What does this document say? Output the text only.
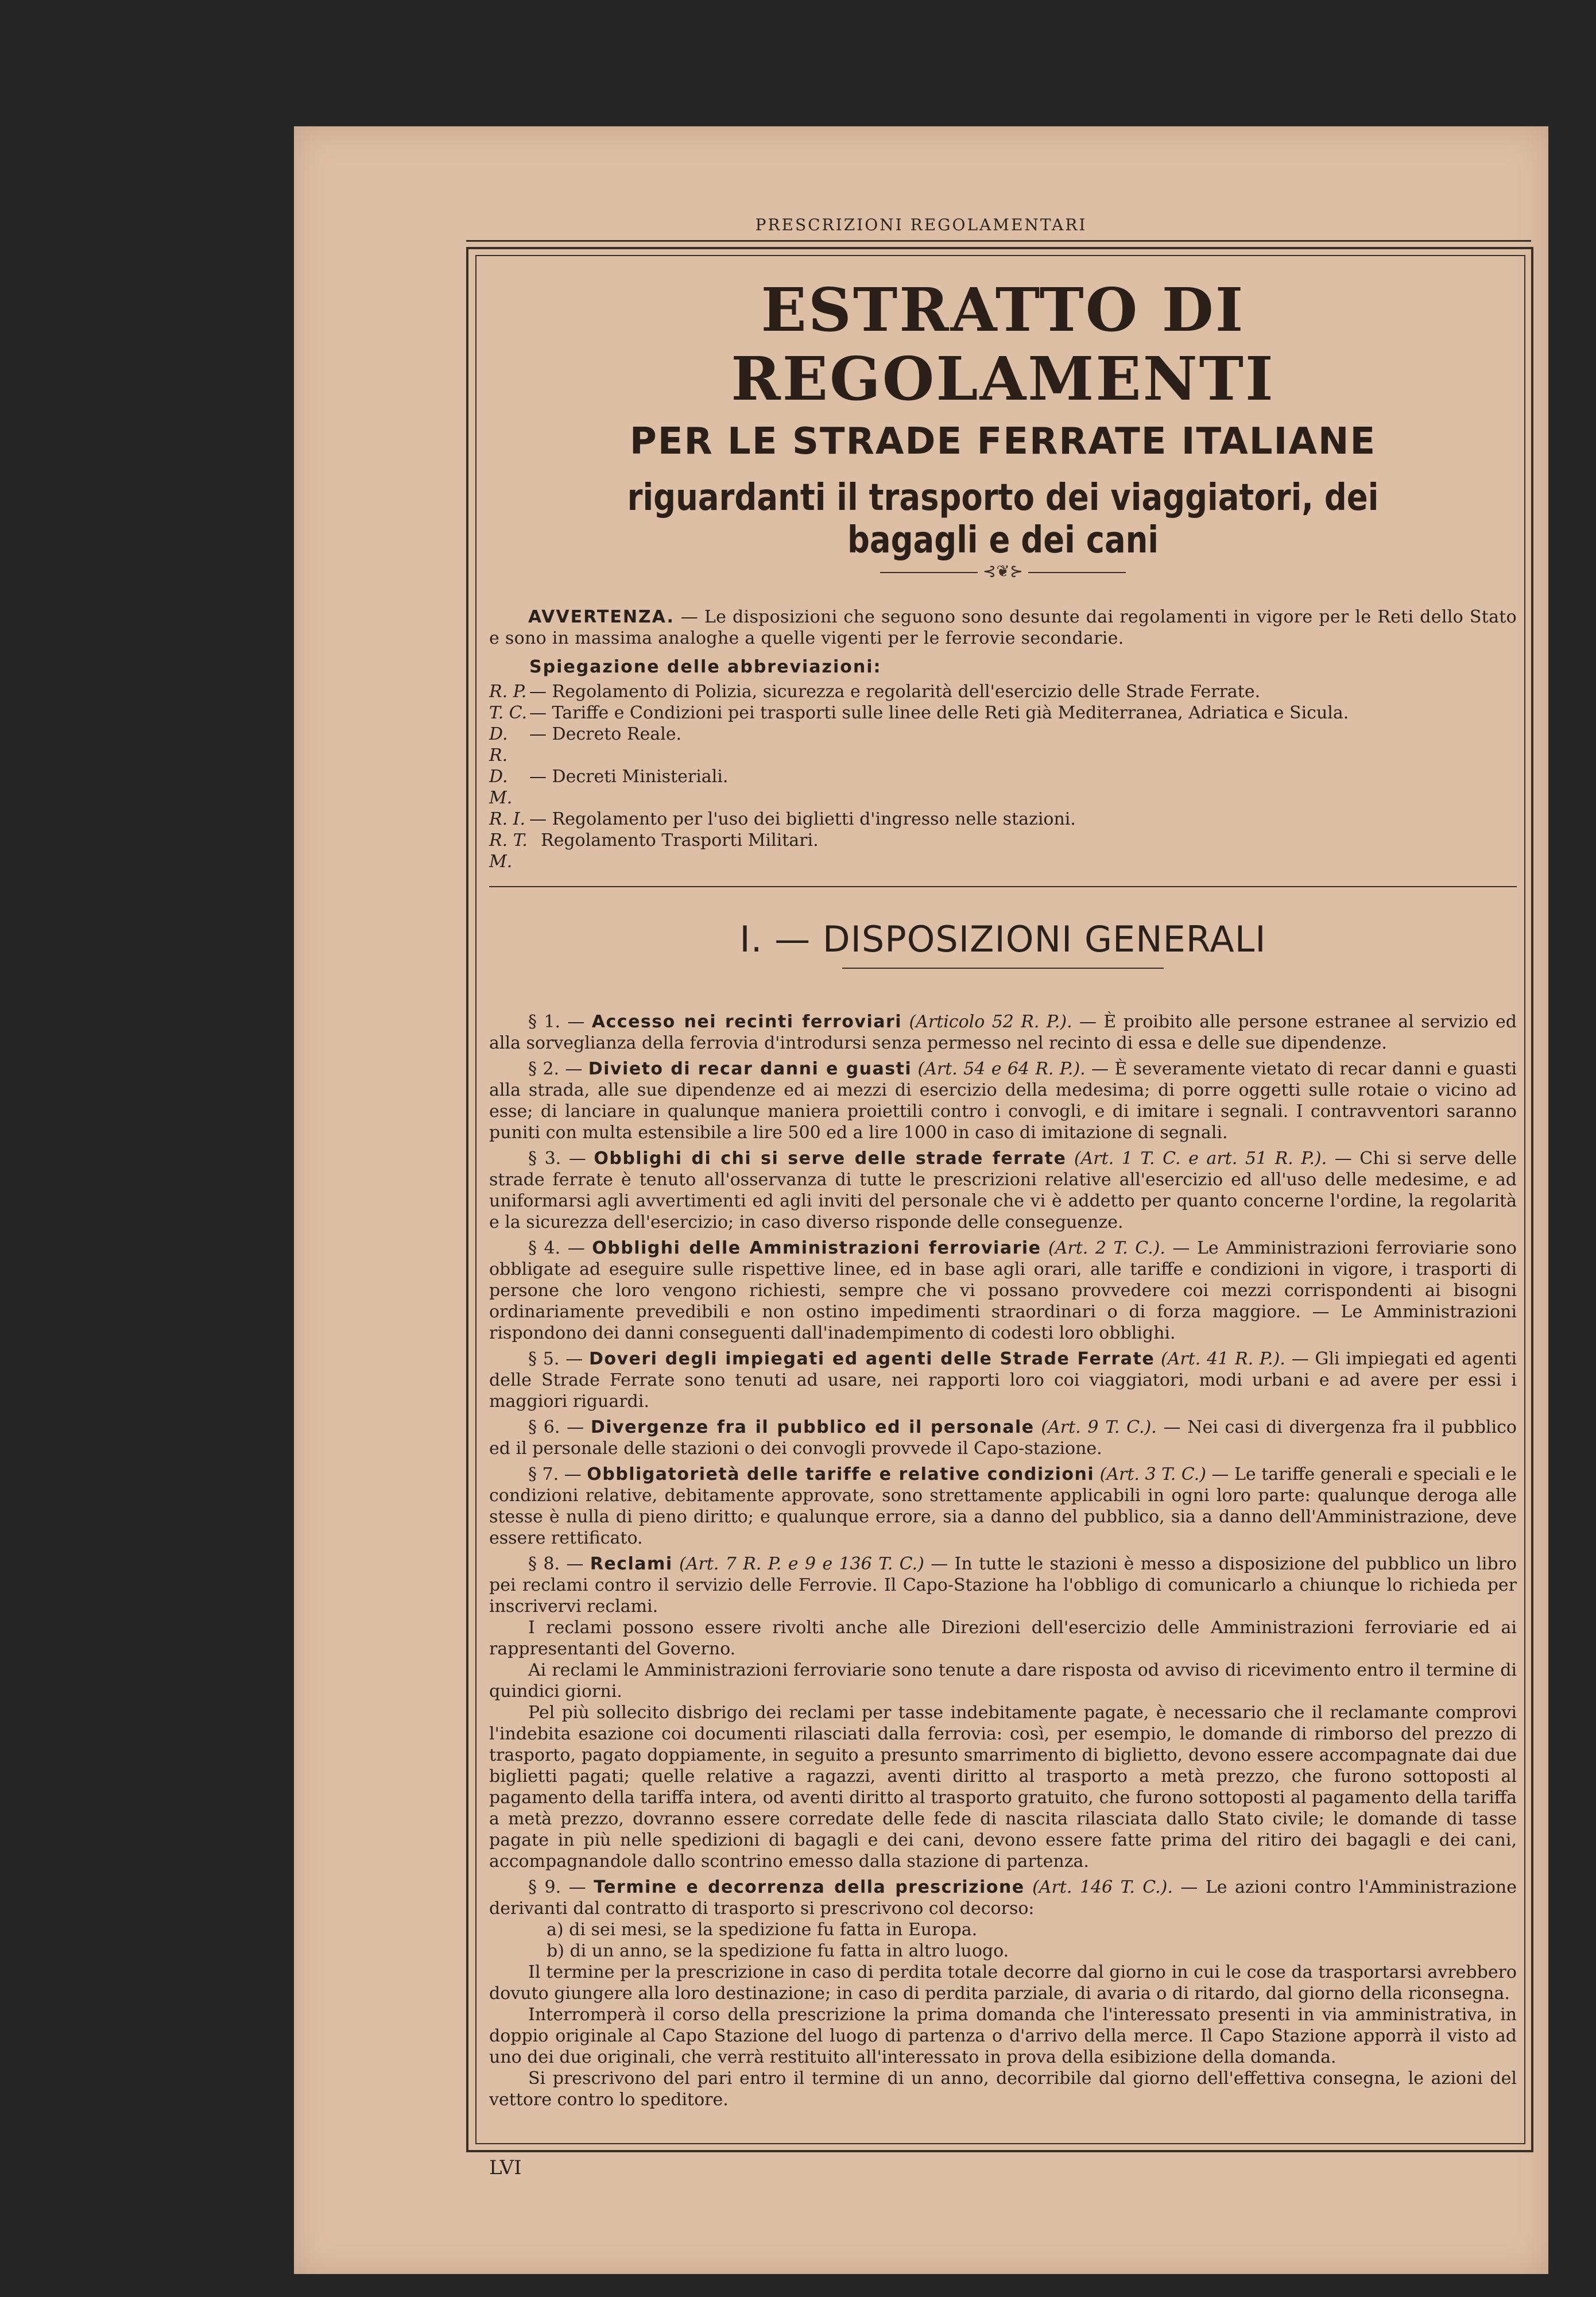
PRESCRIZIONI REGOLAMENTARI
ESTRATTO DI REGOLAMENTI
PER LE STRADE FERRATE ITALIANE
riguardanti il trasporto dei viaggiatori, dei bagagli e dei cani
⊰❦⊱

AVVERTENZA. — Le disposizioni che seguono sono desunte dai regolamenti in vigore per le Reti dello Stato e sono in massima analoghe a quelle vigenti per le ferrovie secondarie.

Spiegazione delle abbreviazioni:
R. P. — Regolamento di Polizia, sicurezza e regolarità dell'esercizio delle Strade Ferrate.
T. C. — Tariffe e Condizioni pei trasporti sulle linee delle Reti già Mediterranea, Adriatica e Sicula.
D. R.
— Decreto Reale.
D. M.
— Decreti Ministeriali.
R. I. — Regolamento per l'uso dei biglietti d'ingresso nelle stazioni.
R. T. M.
Regolamento Trasporti Militari.
I. — DISPOSIZIONI GENERALI

§ 1. — Accesso nei recinti ferroviari (Articolo 52 R. P.). — È proibito alle persone estranee al servizio ed alla sorveglianza della ferrovia d'introdursi senza permesso nel recinto di essa e delle sue dipendenze.

§ 2. — Divieto di recar danni e guasti (Art. 54 e 64 R. P.). — È severamente vietato di recar danni e guasti alla strada, alle sue dipendenze ed ai mezzi di esercizio della medesima; di porre oggetti sulle rotaie o vicino ad esse; di lanciare in qualunque maniera proiettili contro i convogli, e di imitare i segnali. I contravventori saranno puniti con multa estensibile a lire 500 ed a lire 1000 in caso di imitazione di segnali.

§ 3. — Obblighi di chi si serve delle strade ferrate (Art. 1 T. C. e art. 51 R. P.). — Chi si serve delle strade ferrate è tenuto all'osservanza di tutte le prescrizioni relative all'esercizio ed all'uso delle medesime, e ad uniformarsi agli avvertimenti ed agli inviti del personale che vi è addetto per quanto concerne l'ordine, la regolarità e la sicurezza dell'esercizio; in caso diverso risponde delle conseguenze.

§ 4. — Obblighi delle Amministrazioni ferroviarie (Art. 2 T. C.). — Le Amministrazioni ferroviarie sono obbligate ad eseguire sulle rispettive linee, ed in base agli orari, alle tariffe e condizioni in vigore, i trasporti di persone che loro vengono richiesti, sempre che vi possano provvedere coi mezzi corrispondenti ai bisogni ordinariamente prevedibili e non ostino impedimenti straordinari o di forza maggiore. — Le Amministrazioni rispondono dei danni conseguenti dall'inadempimento di codesti loro obblighi.

§ 5. — Doveri degli impiegati ed agenti delle Strade Ferrate (Art. 41 R. P.). — Gli impiegati ed agenti delle Strade Ferrate sono tenuti ad usare, nei rapporti loro coi viaggiatori, modi urbani e ad avere per essi i maggiori riguardi.

§ 6. — Divergenze fra il pubblico ed il personale (Art. 9 T. C.). — Nei casi di divergenza fra il pubblico ed il personale delle stazioni o dei convogli provvede il Capo-stazione.

§ 7. — Obbligatorietà delle tariffe e relative condizioni (Art. 3 T. C.) — Le tariffe generali e speciali e le condizioni relative, debitamente approvate, sono strettamente applicabili in ogni loro parte: qualunque deroga alle stesse è nulla di pieno diritto; e qualunque errore, sia a danno del pubblico, sia a danno dell'Amministrazione, deve essere rettificato.

§ 8. — Reclami (Art. 7 R. P. e 9 e 136 T. C.) — In tutte le stazioni è messo a disposizione del pubblico un libro pei reclami contro il servizio delle Ferrovie. Il Capo-Stazione ha l'obbligo di comunicarlo a chiunque lo richieda per inscrivervi reclami.

I reclami possono essere rivolti anche alle Direzioni dell'esercizio delle Amministrazioni ferroviarie ed ai rappresentanti del Governo.

Ai reclami le Amministrazioni ferroviarie sono tenute a dare risposta od avviso di ricevimento entro il termine di quindici giorni.

Pel più sollecito disbrigo dei reclami per tasse indebitamente pagate, è necessario che il reclamante comprovi l'indebita esazione coi documenti rilasciati dalla ferrovia: così, per esempio, le domande di rimborso del prezzo di trasporto, pagato doppiamente, in seguito a presunto smarrimento di biglietto, devono essere accompagnate dai due biglietti pagati; quelle relative a ragazzi, aventi diritto al trasporto a metà prezzo, che furono sottoposti al pagamento della tariffa intera, od aventi diritto al trasporto gratuito, che furono sottoposti al pagamento della tariffa a metà prezzo, dovranno essere corredate delle fede di nascita rilasciata dallo Stato civile; le domande di tasse pagate in più nelle spedizioni di bagagli e dei cani, devono essere fatte prima del ritiro dei bagagli e dei cani, accompagnandole dallo scontrino emesso dalla stazione di partenza.

§ 9. — Termine e decorrenza della prescrizione (Art. 146 T. C.). — Le azioni contro l'Amministrazione derivanti dal contratto di trasporto si prescrivono col decorso:

a) di sei mesi, se la spedizione fu fatta in Europa.

b) di un anno, se la spedizione fu fatta in altro luogo.

Il termine per la prescrizione in caso di perdita totale decorre dal giorno in cui le cose da trasportarsi avrebbero dovuto giungere alla loro destinazione; in caso di perdita parziale, di avaria o di ritardo, dal giorno della riconsegna.

Interromperà il corso della prescrizione la prima domanda che l'interessato presenti in via amministrativa, in doppio originale al Capo Stazione del luogo di partenza o d'arrivo della merce. Il Capo Stazione apporrà il visto ad uno dei due originali, che verrà restituito all'interessato in prova della esibizione della domanda.

Si prescrivono del pari entro il termine di un anno, decorribile dal giorno dell'effettiva consegna, le azioni del vettore contro lo speditore.

LVI
